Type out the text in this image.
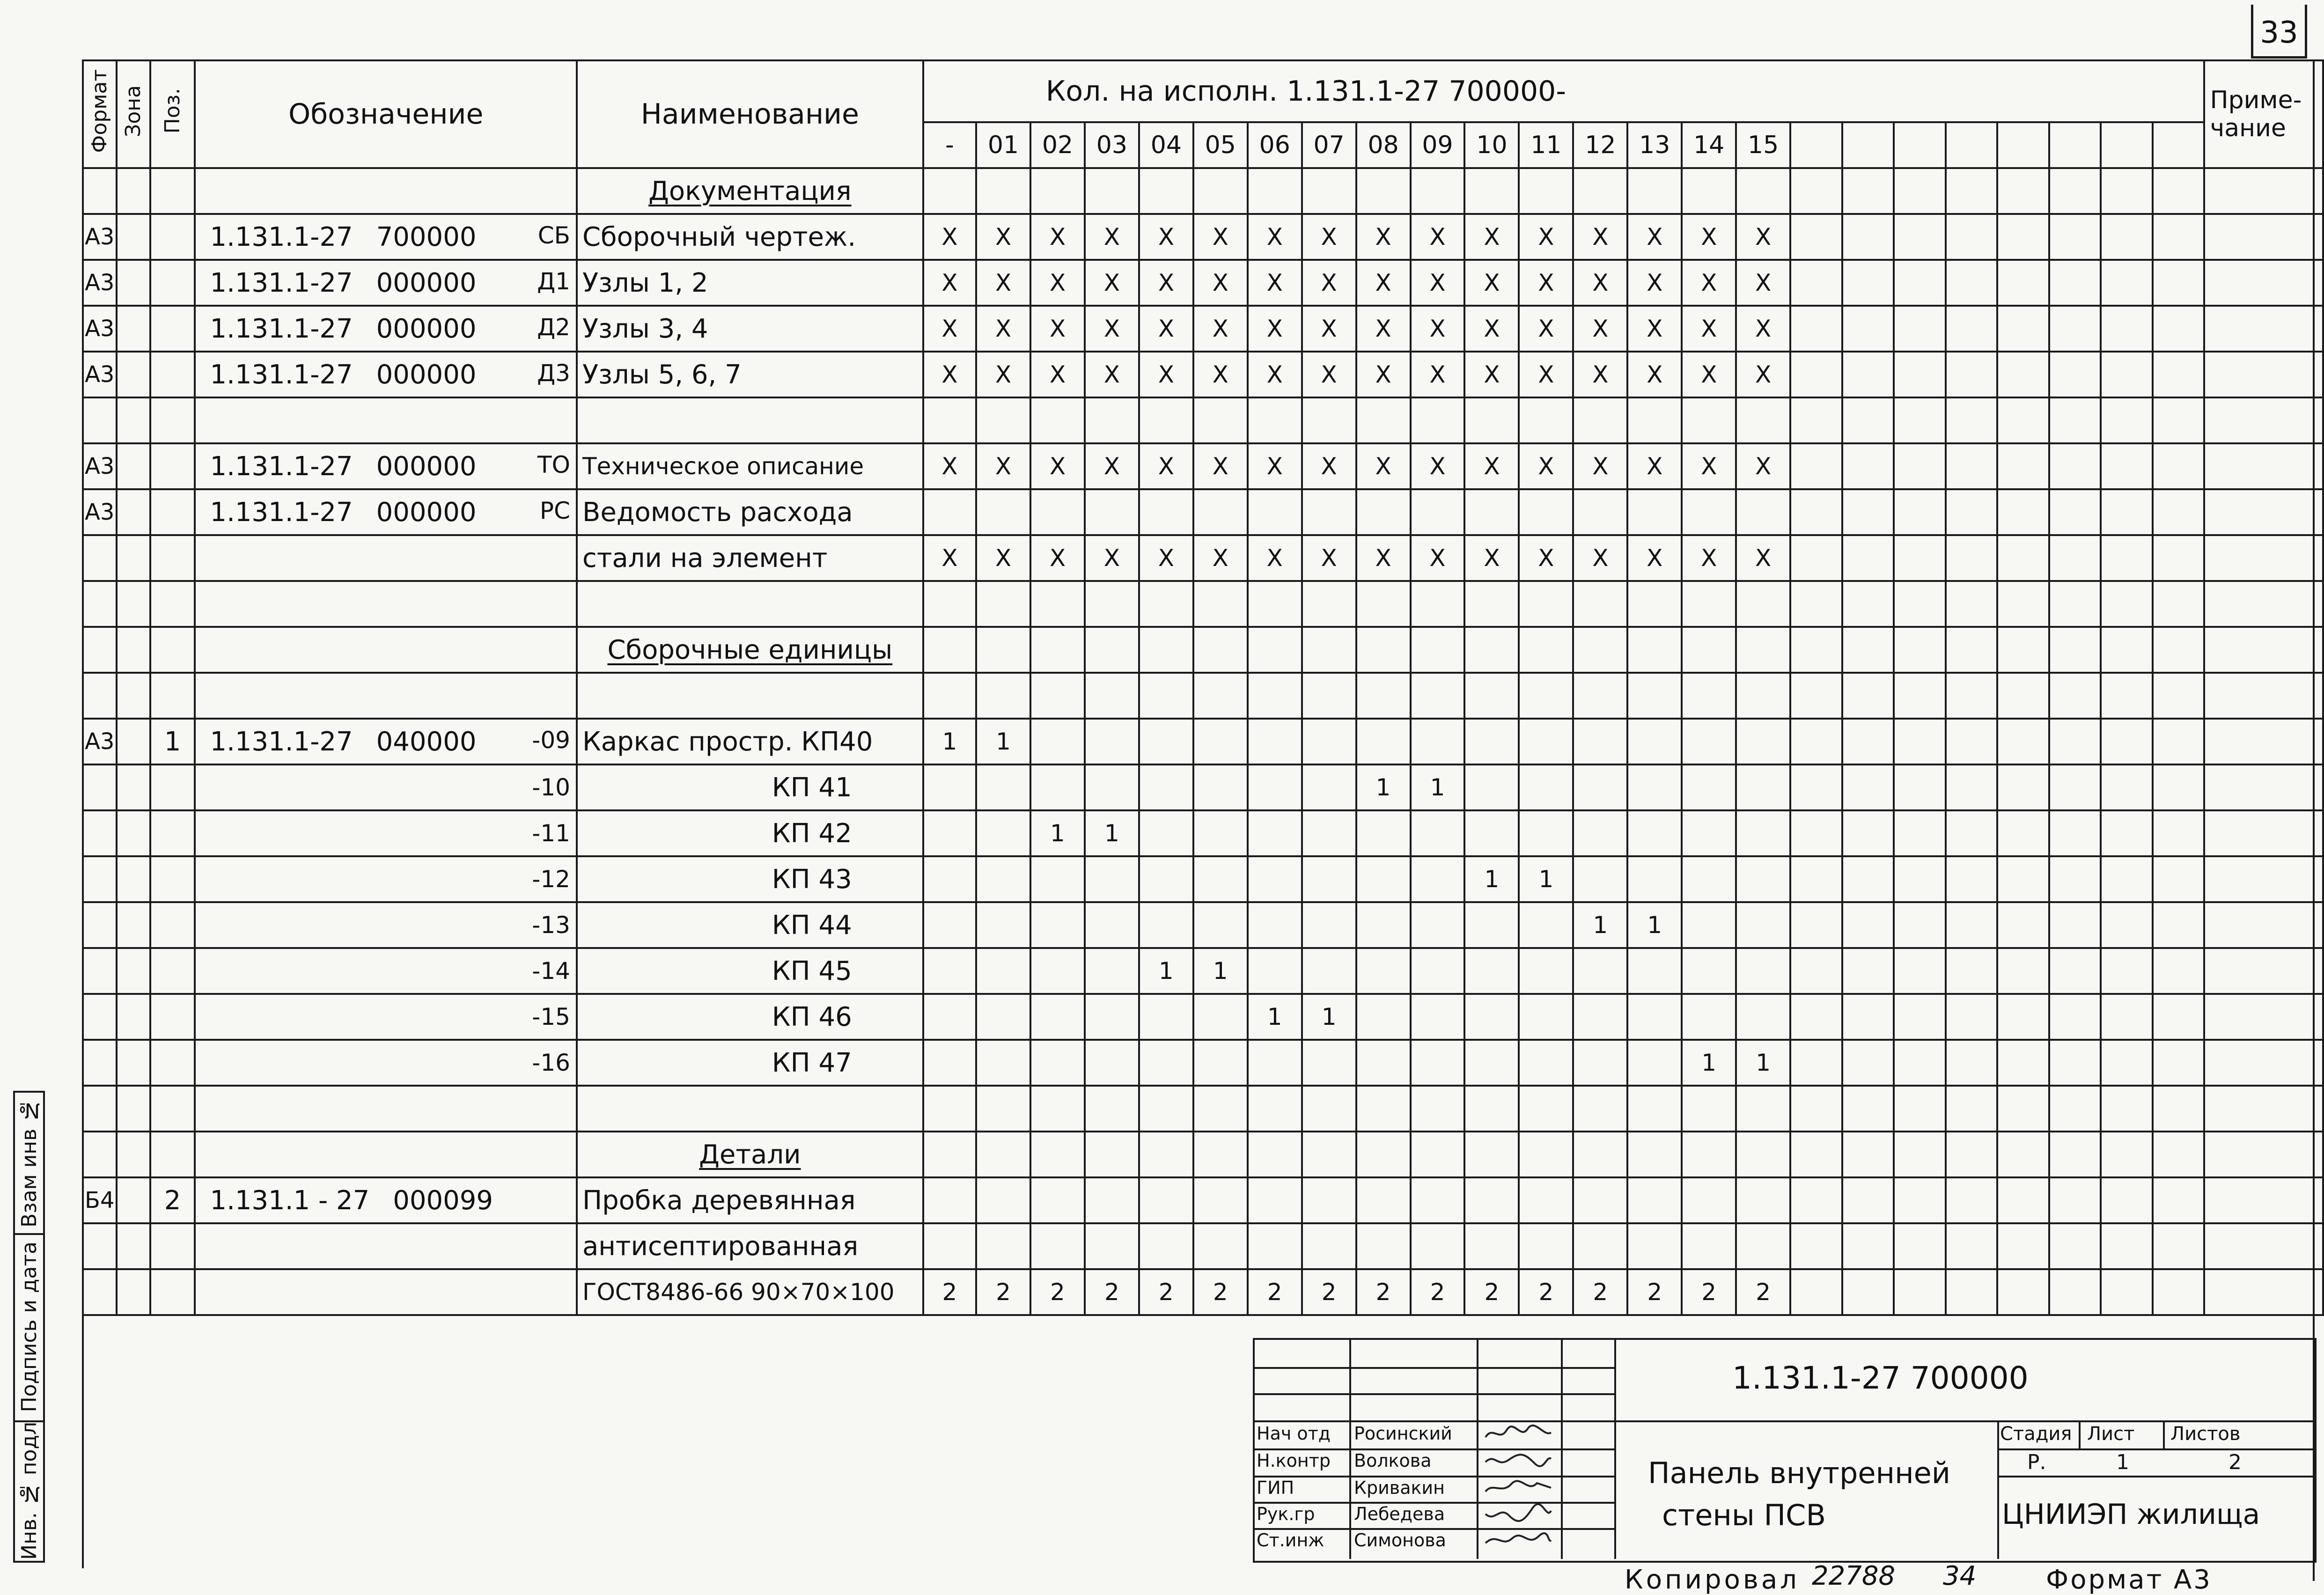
33
Взам инв №
Подпись и дата
Инв. № подл
Формат	Зона	Поз.	Обозначение	Наименование	Кол. на исполн. 1.131.1-27 700000-																								Приме-чание
					-	01	02	03	04	05	06	07	08	09	10	11	12	13	14	15									

	Документация																									
А3			1.131.1-27 700000 СБ	Сборочный чертеж.	X	X	X	X	X	X	X	X	X	X	X	X	X	X	X	X									
А3			1.131.1-27 000000 Д1	Узлы 1, 2	X	X	X	X	X	X	X	X	X	X	X	X	X	X	X	X									
А3			1.131.1-27 000000 Д2	Узлы 3, 4	X	X	X	X	X	X	X	X	X	X	X	X	X	X	X	X									
А3			1.131.1-27 000000 Д3	Узлы 5, 6, 7	X	X	X	X	X	X	X	X	X	X	X	X	X	X	X	X									

А3			1.131.1-27 000000 ТО	Техническое описание	X	X	X	X	X	X	X	X	X	X	X	X	X	X	X	X									
А3			1.131.1-27 000000 РС	Ведомость расхода																									

	стали на элемент	X	X	X	X	X	X	X	X	X	X	X	X	X	X	X	X									

	Сборочные единицы																									

А3		1	1.131.1-27 040000 -09	Каркас простр. КП40	1	1																							

			-10	КП 41									1	1															

			-11	КП 42			1	1																					

			-12	КП 43											1	1													

			-13	КП 44													1	1											

			-14	КП 45					1	1																			

			-15	КП 46							1	1																	

			-16	КП 47															1	1									

	Детали																									
Б4		2	1.131.1 - 27 000099	Пробка деревянная																									

	антисептированная																									

	ГОСТ8486-66 90×70×100	2	2	2	2	2	2	2	2	2	2	2	2	2	2	2	2									
1.131.1-27 700000
Нач отд
Н.контр
ГИП
Рук.гр
Ст.инж
Росинский
Волкова
Кривакин
Лебедева
Симонова
Панель внутренней
стены ПСВ
Стадия Лист Листов
Р.	1	2
ЦНИИЭП жилища
Копировал 22788 34	Формат А3
